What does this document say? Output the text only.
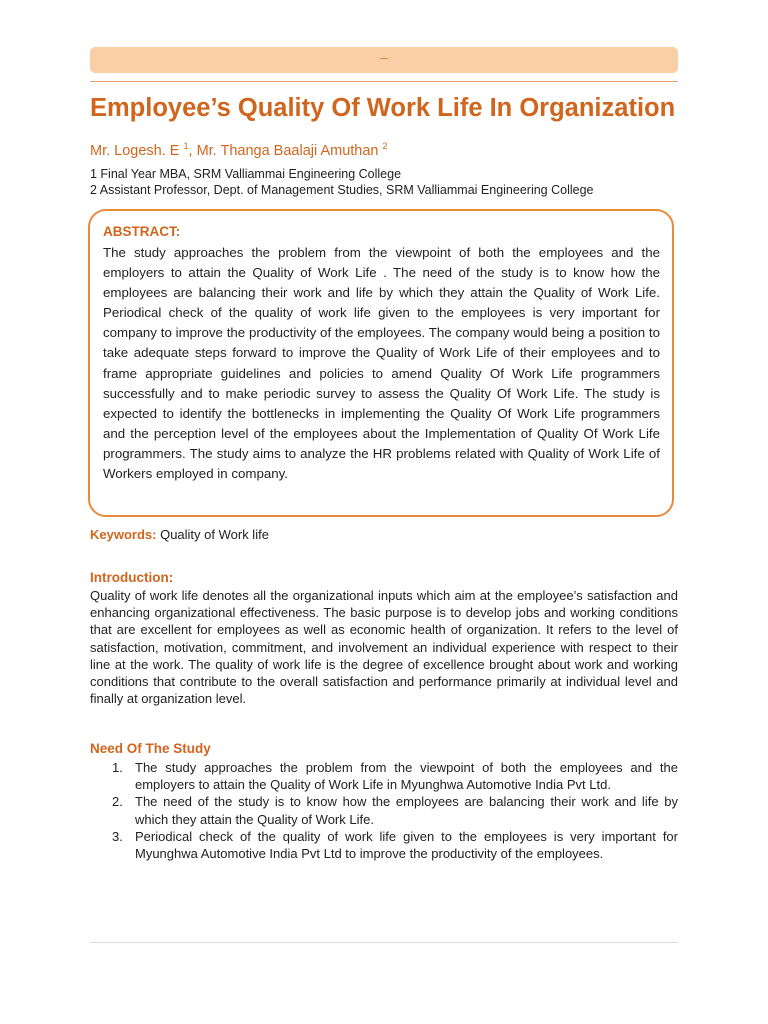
–
Employee’s Quality Of Work Life In Organization
Mr. Logesh. E $^1$, Mr. Thanga Baalaji Amuthan $^2$
1 Final Year MBA, SRM Valliammai Engineering College
2 Assistant Professor, Dept. of Management Studies, SRM Valliammai Engineering College
ABSTRACT:

The study approaches the problem from the viewpoint of both the employees and the employers to attain the Quality of Work Life . The need of the study is to know how the employees are balancing their work and life by which they attain the Quality of Work Life. Periodical check of the quality of work life given to the employees is very important for company to improve the productivity of the employees. The company would being a position to take adequate steps forward to improve the Quality of Work Life of their employees and to frame appropriate guidelines and policies to amend Quality Of Work Life programmers successfully and to make periodic survey to assess the Quality Of Work Life. The study is expected to identify the bottlenecks in implementing the Quality Of Work Life programmers and the perception level of the employees about the Implementation of Quality Of Work Life programmers. The study aims to analyze the HR problems related with Quality of Work Life of Workers employed in company.

Keywords: Quality of Work life
Introduction:

Quality of work life denotes all the organizational inputs which aim at the employee’s satisfaction and enhancing organizational effectiveness. The basic purpose is to develop jobs and working conditions that are excellent for employees as well as economic health of organization. It refers to the level of satisfaction, motivation, commitment, and involvement an individual experience with respect to their line at the work. The quality of work life is the degree of excellence brought about work and working conditions that contribute to the overall satisfaction and performance primarily at individual level and finally at organization level.

Need Of The Study
1. The study approaches the problem from the viewpoint of both the employees and the employers to attain the Quality of Work Life in Myunghwa Automotive India Pvt Ltd.
2. The need of the study is to know how the employees are balancing their work and life by which they attain the Quality of Work Life.
3. Periodical check of the quality of work life given to the employees is very important for Myunghwa Automotive India Pvt Ltd to improve the productivity of the employees.
